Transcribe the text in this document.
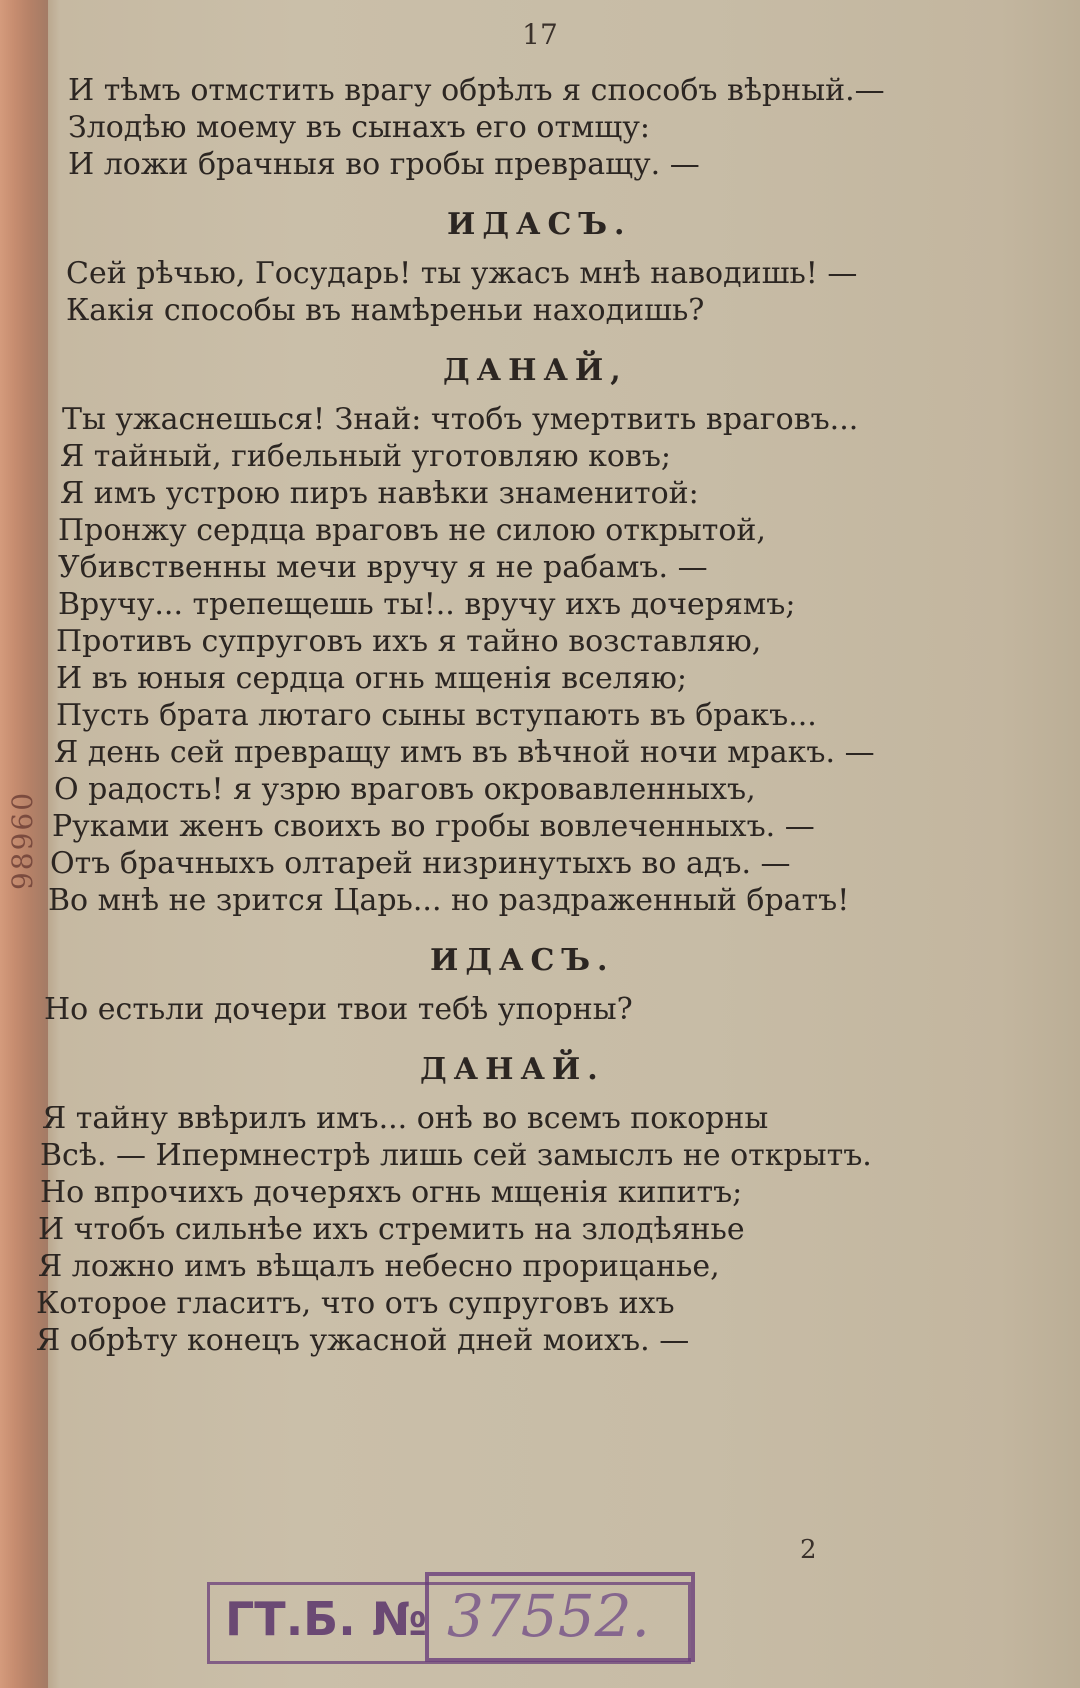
98960
17

И тѣмъ отмстить врагу обрѣлъ я способъ вѣрный.—

Злодѣю моему въ сынахъ его отмщу:

И ложи брачныя во гробы превращу. —

ИДАСЪ.

Сей рѣчью, Государь! ты ужасъ мнѣ наводишь! —

Какія способы въ намѣреньи находишь?

ДАНАЙ,

Ты ужаснешься! Знай: чтобъ умертвить враговъ...

Я тайный, гибельный уготовляю ковъ;

Я имъ устрою пиръ навѣки знаменитой:

Пронжу сердца враговъ не силою открытой,

Убивственны мечи вручу я не рабамъ. —

Вручу... трепещешь ты!.. вручу ихъ дочерямъ;

Противъ супруговъ ихъ я тайно возставляю,

И въ юныя сердца огнь мщенія вселяю;

Пусть брата лютаго сыны вступають въ бракъ...

Я день сей превращу имъ въ вѣчной ночи мракъ. —

О радость! я узрю враговъ окровавленныхъ,

Руками женъ своихъ во гробы вовлеченныхъ. —

Отъ брачныхъ олтарей низринутыхъ во адъ. —

Во мнѣ не зрится Царь... но раздраженный братъ!

ИДАСЪ.

Но естьли дочери твои тебѣ упорны?

ДАНАЙ.

Я тайну ввѣрилъ имъ... онѣ во всемъ покорны

Всѣ. — Ипермнестрѣ лишь сей замыслъ не открытъ.

Но впрочихъ дочеряхъ огнь мщенія кипитъ;

И чтобъ сильнѣе ихъ стремить на злодѣянье

Я ложно имъ вѣщалъ небесно прорицанье,

Которое гласитъ, что отъ супруговъ ихъ

Я обрѣту конецъ ужасной дней моихъ. —

2
ГТ.Б. № 37552.
